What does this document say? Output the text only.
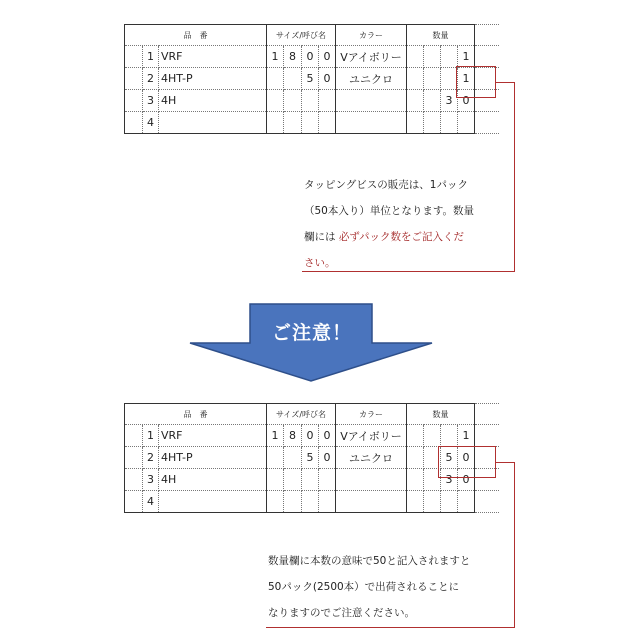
品　番			サイズ/呼び名				カラー	数量				
	1	VRF	1	8	0	0	Vアイボリー				1	
	2	4HT-P			5	0	ユニクロ				1	
	3	4H								3	0	
	4											
タッピングビスの販売は、1パック
（50本入り）単位となります。数量
欄には 必ずパック数をご記入くだ
さい。
ご注意！
品　番			サイズ/呼び名				カラー	数量				
	1	VRF	1	8	0	0	Vアイボリー				1	
	2	4HT-P			5	0	ユニクロ			5	0	
	3	4H								3	0	
	4											
数量欄に本数の意味で50と記入されますと
50パック(2500本）で出荷されることに
なりますのでご注意ください。
